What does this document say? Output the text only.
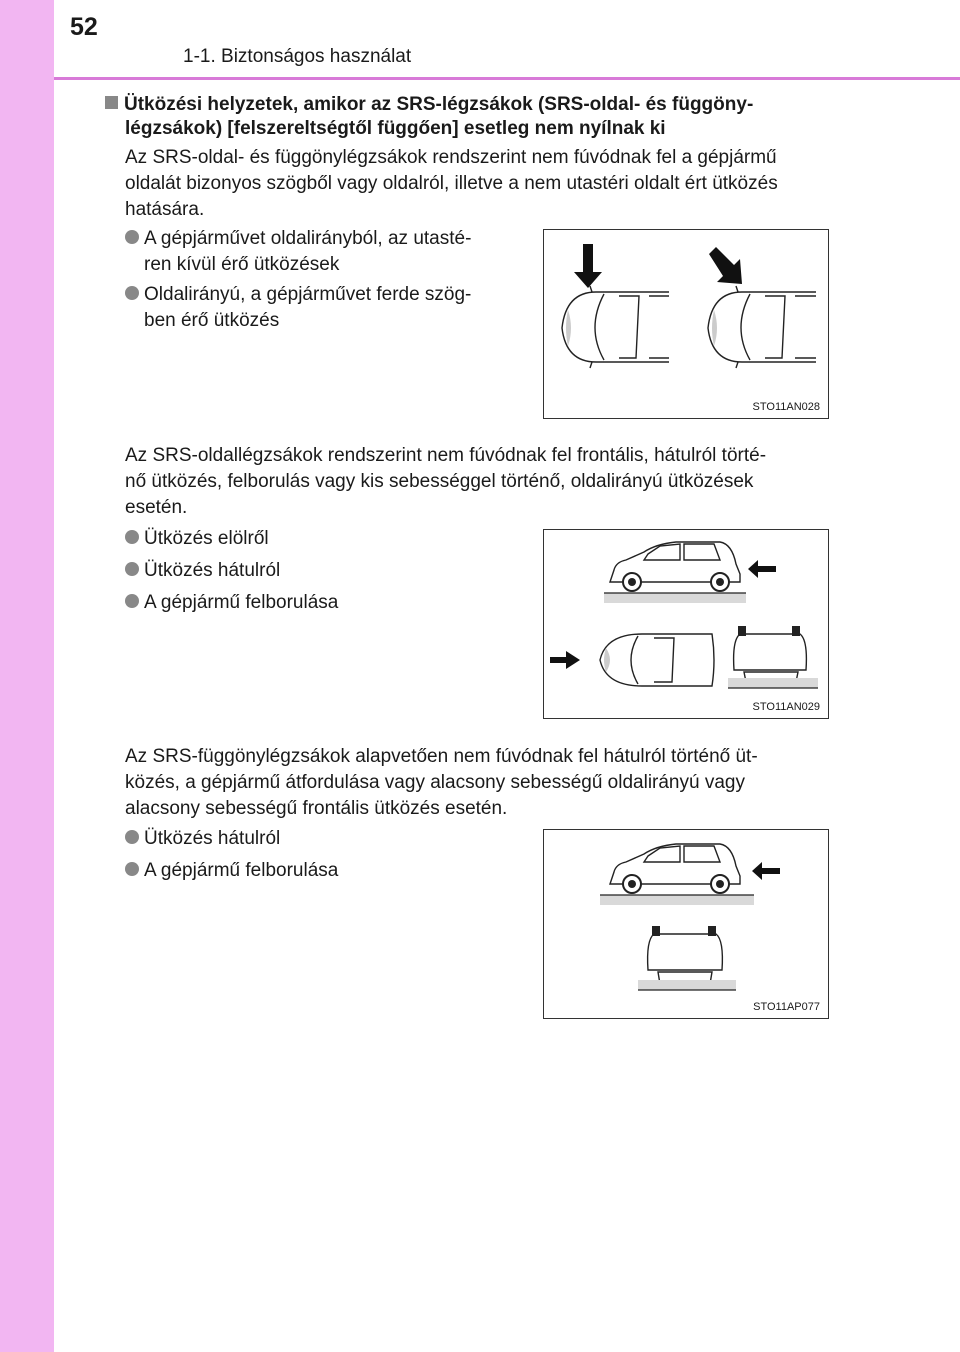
52
1-1. Biztonságos használat
Ütközési helyzetek, amikor az SRS-légzsákok (SRS-oldal- és függöny-
légzsákok) [felszereltségtől függően] esetleg nem nyílnak ki
Az SRS-oldal- és függönylégzsákok rendszerint nem fúvódnak fel a gépjármű
oldalát bizonyos szögből vagy oldalról, illetve a nem utastéri oldalt ért ütközés
hatására.
A gépjárművet oldalirányból, az utasté-
ren kívül érő ütközések
Oldalirányú, a gépjárművet ferde szög-
ben érő ütközés
STO11AN028
Az SRS-oldallégzsákok rendszerint nem fúvódnak fel frontális, hátulról törté-
nő ütközés, felborulás vagy kis sebességgel történő, oldalirányú ütközések
esetén.
Ütközés elölről
Ütközés hátulról
A gépjármű felborulása
STO11AN029
Az SRS-függönylégzsákok alapvetően nem fúvódnak fel hátulról történő üt-
közés, a gépjármű átfordulása vagy alacsony sebességű oldalirányú vagy
alacsony sebességű frontális ütközés esetén.
Ütközés hátulról
A gépjármű felborulása
STO11AP077
